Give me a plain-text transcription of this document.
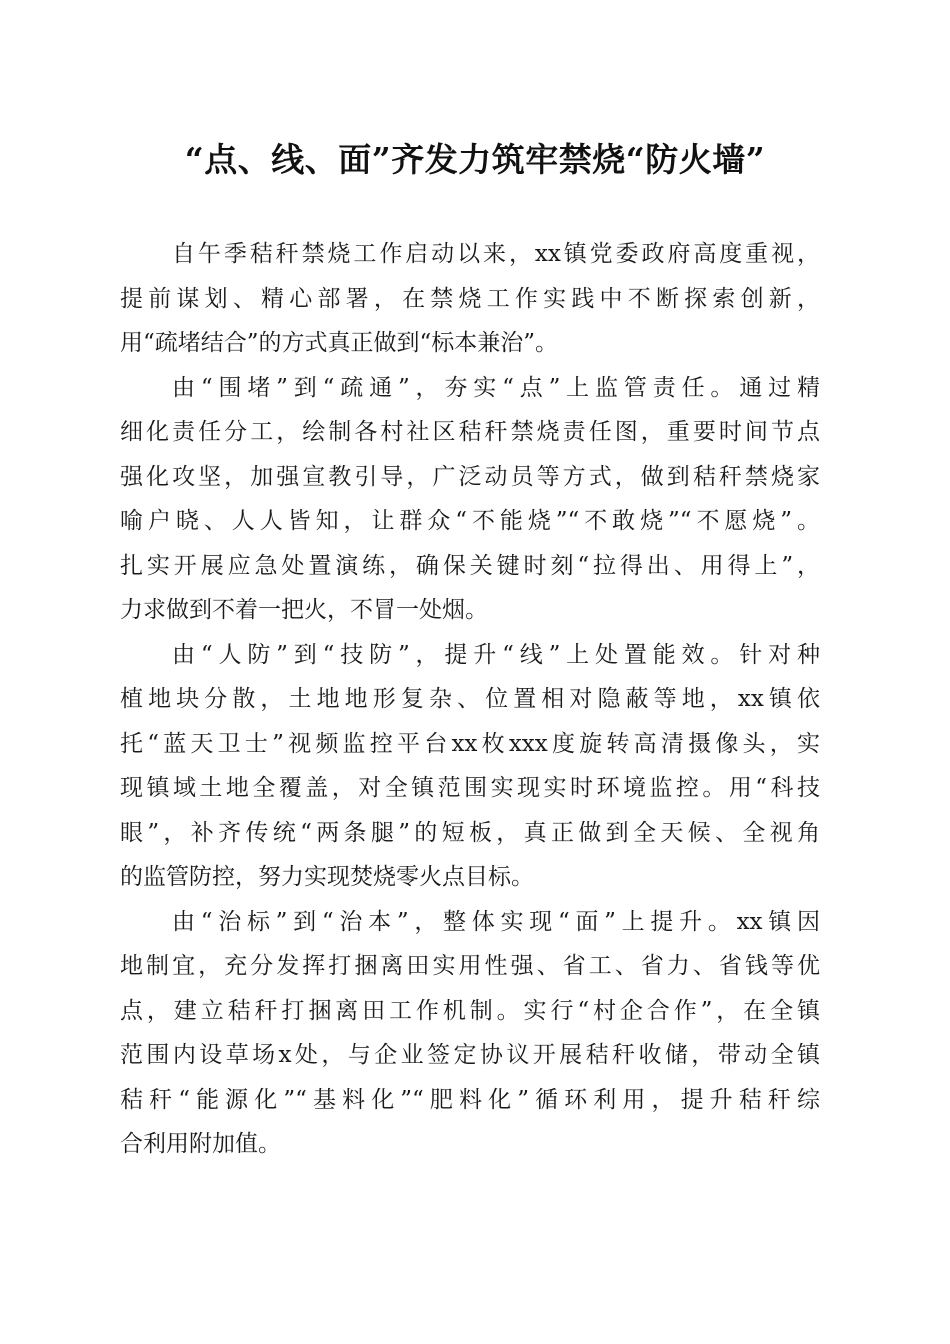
“点、线、面”齐发力筑牢禁烧“防火墙”
自午季秸秆禁烧工作启动以来，xx镇党委政府高度重视，
提前谋划、精心部署，在禁烧工作实践中不断探索创新，
用“疏堵结合”的方式真正做到“标本兼治”。
由“围堵”到“疏通”，夯实“点”上监管责任。通过精
细化责任分工，绘制各村社区秸秆禁烧责任图，重要时间节点
强化攻坚，加强宣教引导，广泛动员等方式，做到秸秆禁烧家
喻户晓、人人皆知，让群众“不能烧”“不敢烧”“不愿烧”。
扎实开展应急处置演练，确保关键时刻“拉得出、用得上”，
力求做到不着一把火，不冒一处烟。
由“人防”到“技防”，提升“线”上处置能效。针对种
植地块分散，土地地形复杂、位置相对隐蔽等地，xx镇依
托“蓝天卫士”视频监控平台xx枚xxx度旋转高清摄像头，实
现镇域土地全覆盖，对全镇范围实现实时环境监控。用“科技
眼”，补齐传统“两条腿”的短板，真正做到全天候、全视角
的监管防控，努力实现焚烧零火点目标。
由“治标”到“治本”，整体实现“面”上提升。xx镇因
地制宜，充分发挥打捆离田实用性强、省工、省力、省钱等优
点，建立秸秆打捆离田工作机制。实行“村企合作”，在全镇
范围内设草场x处，与企业签定协议开展秸秆收储，带动全镇
秸秆“能源化”“基料化”“肥料化”循环利用，提升秸秆综
合利用附加值。
